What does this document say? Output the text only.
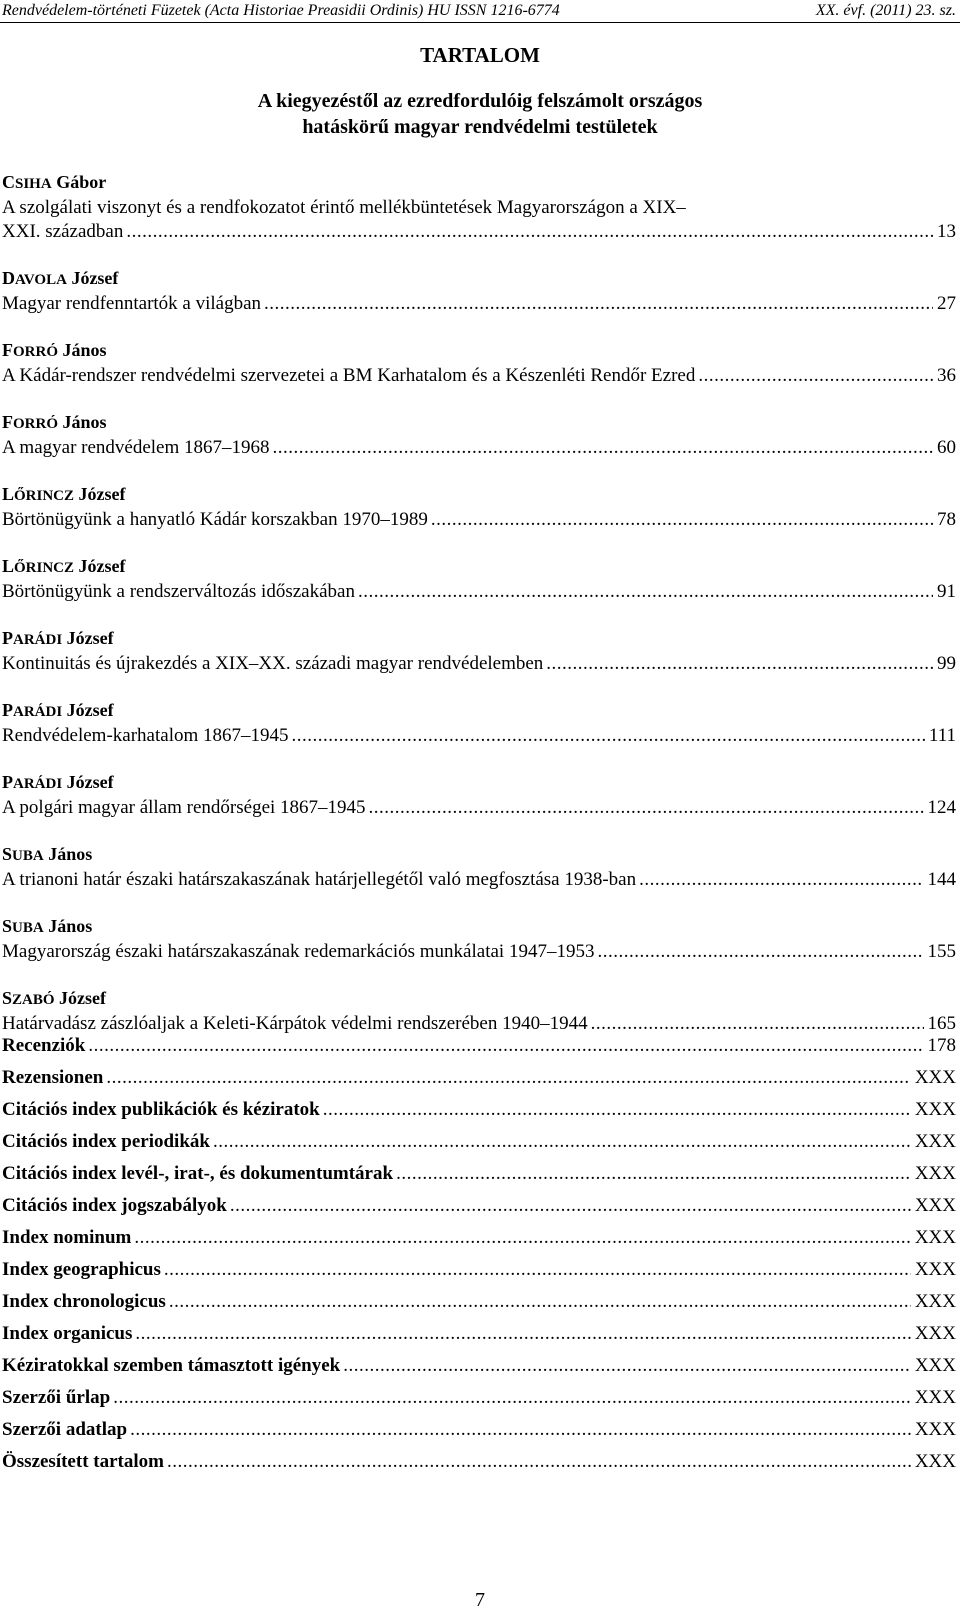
Rendvédelem-történeti Füzetek (Acta Historiae Preasidii Ordinis) HU ISSN 1216-6774	XX. évf. (2011) 23. sz.
TARTALOM
A kiegyezéstől az ezredfordulóig felszámolt országos
hatáskörű magyar rendvédelmi testületek
CSIHA Gábor
A szolgálati viszonyt és a rendfokozatot érintő mellékbüntetések Magyarországon a XIX–
XXI. században .....	13
DAVOLA József
Magyar rendfenntartók a világban .....	27
FORRÓ János
A Kádár-rendszer rendvédelmi szervezetei a BM Karhatalom és a Készenléti Rendőr Ezred .....	36
FORRÓ János
A magyar rendvédelem 1867–1968 .....	60
LŐRINCZ József
Börtönügyünk a hanyatló Kádár korszakban 1970–1989 .....	78
LŐRINCZ József
Börtönügyünk a rendszerváltozás időszakában .....	91
PARÁDI József
Kontinuitás és újrakezdés a XIX–XX. századi magyar rendvédelemben .....	99
PARÁDI József
Rendvédelem-karhatalom 1867–1945 .....	111
PARÁDI József
A polgári magyar állam rendőrségei 1867–1945 .....	124
SUBA János
A trianoni határ északi határszakaszának határjellegétől való megfosztása 1938-ban .....	144
SUBA János
Magyarország északi határszakaszának redemarkációs munkálatai 1947–1953 .....	155
SZABÓ József
Határvadász zászlóaljak a Keleti-Kárpátok védelmi rendszerében 1940–1944 .....	165
Recenziók .....	178
Rezensionen .....	XXX
Citációs index publikációk és kéziratok .....	XXX
Citációs index periodikák .....	XXX
Citációs index levél-, irat-, és dokumentumtárak .....	XXX
Citációs index jogszabályok .....	XXX
Index nominum .....	XXX
Index geographicus .....	XXX
Index chronologicus .....	XXX
Index organicus .....	XXX
Kéziratokkal szemben támasztott igények .....	XXX
Szerzői űrlap .....	XXX
Szerzői adatlap .....	XXX
Összesített tartalom .....	XXX
7
